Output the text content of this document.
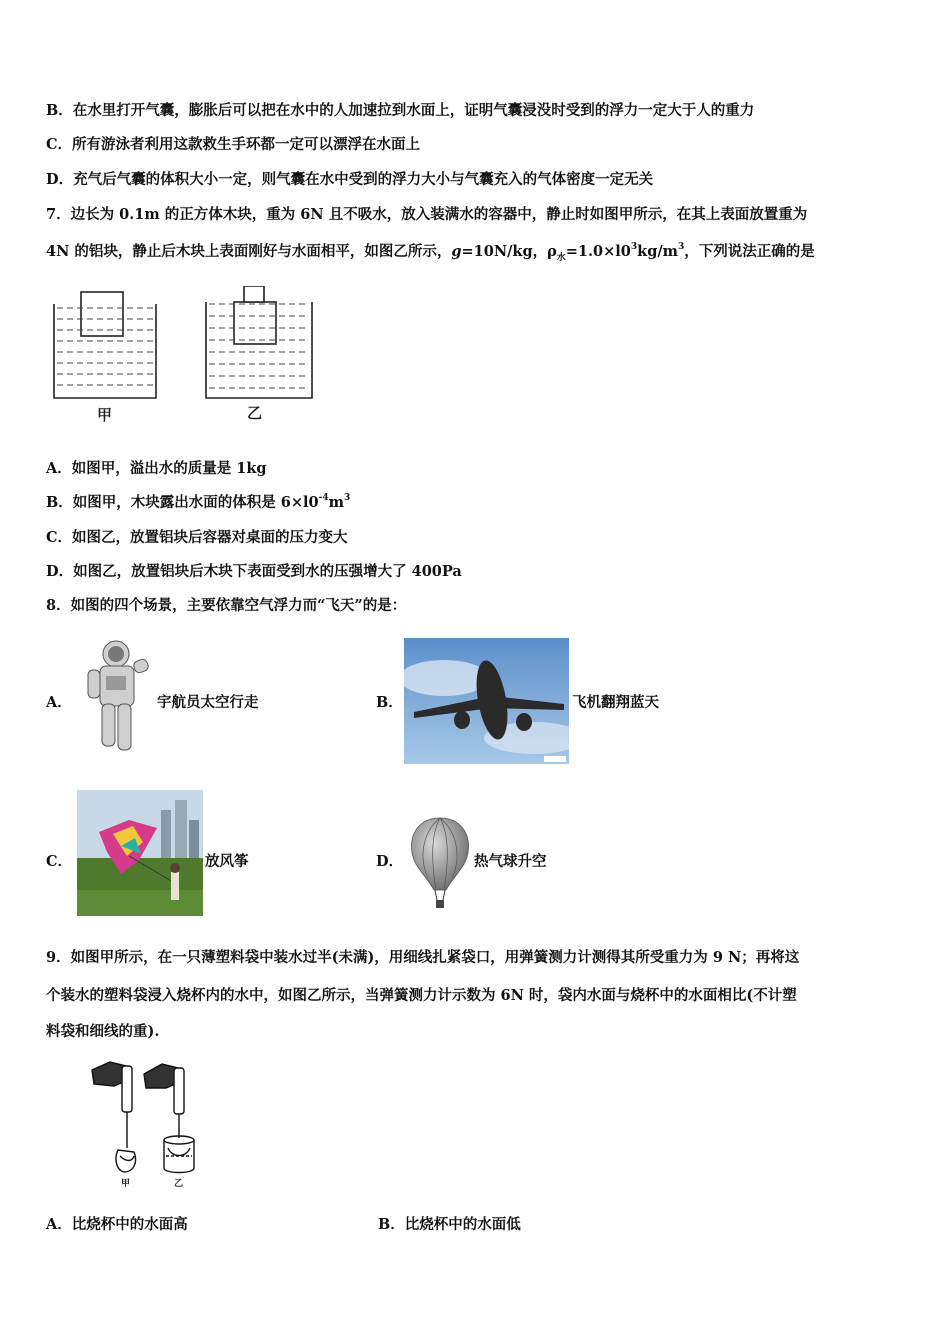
B．在水里打开气囊，膨胀后可以把在水中的人加速拉到水面上，证明气囊浸没时受到的浮力一定大于人的重力
C．所有游泳者利用这款救生手环都一定可以漂浮在水面上
D．充气后气囊的体积大小一定，则气囊在水中受到的浮力大小与气囊充入的气体密度一定无关
7．边长为 0.1m 的正方体木块，重为 6N 且不吸水，放入装满水的容器中，静止时如图甲所示，在其上表面放置重为
4N 的铝块，静止后木块上表面刚好与水面相平，如图乙所示，g=10N/kg，$\rho_水=1.0\times l0^3kg/m^3$，下列说法正确的是
甲	乙
A．如图甲，溢出水的质量是 1kg
B．如图甲，木块露出水面的体积是 $6\times l0^{-4}m^3$
C．如图乙，放置铝块后容器对桌面的压力变大
D．如图乙，放置铝块后木块下表面受到水的压强增大了 400Pa
8．如图的四个场景，主要依靠空气浮力而“飞天”的是：
A．	宇航员太空行走	B．	飞机翻翔蓝天
C．	放风筝	D．	热气球升空
9．如图甲所示，在一只薄塑料袋中装水过半(未满)，用细线扎紧袋口，用弹簧测力计测得其所受重力为 9 N；再将这
个装水的塑料袋浸入烧杯内的水中，如图乙所示，当弹簧测力计示数为 6N 时，袋内水面与烧杯中的水面相比(不计塑
料袋和细线的重).
甲	乙
A．比烧杯中的水面高	B．比烧杯中的水面低
